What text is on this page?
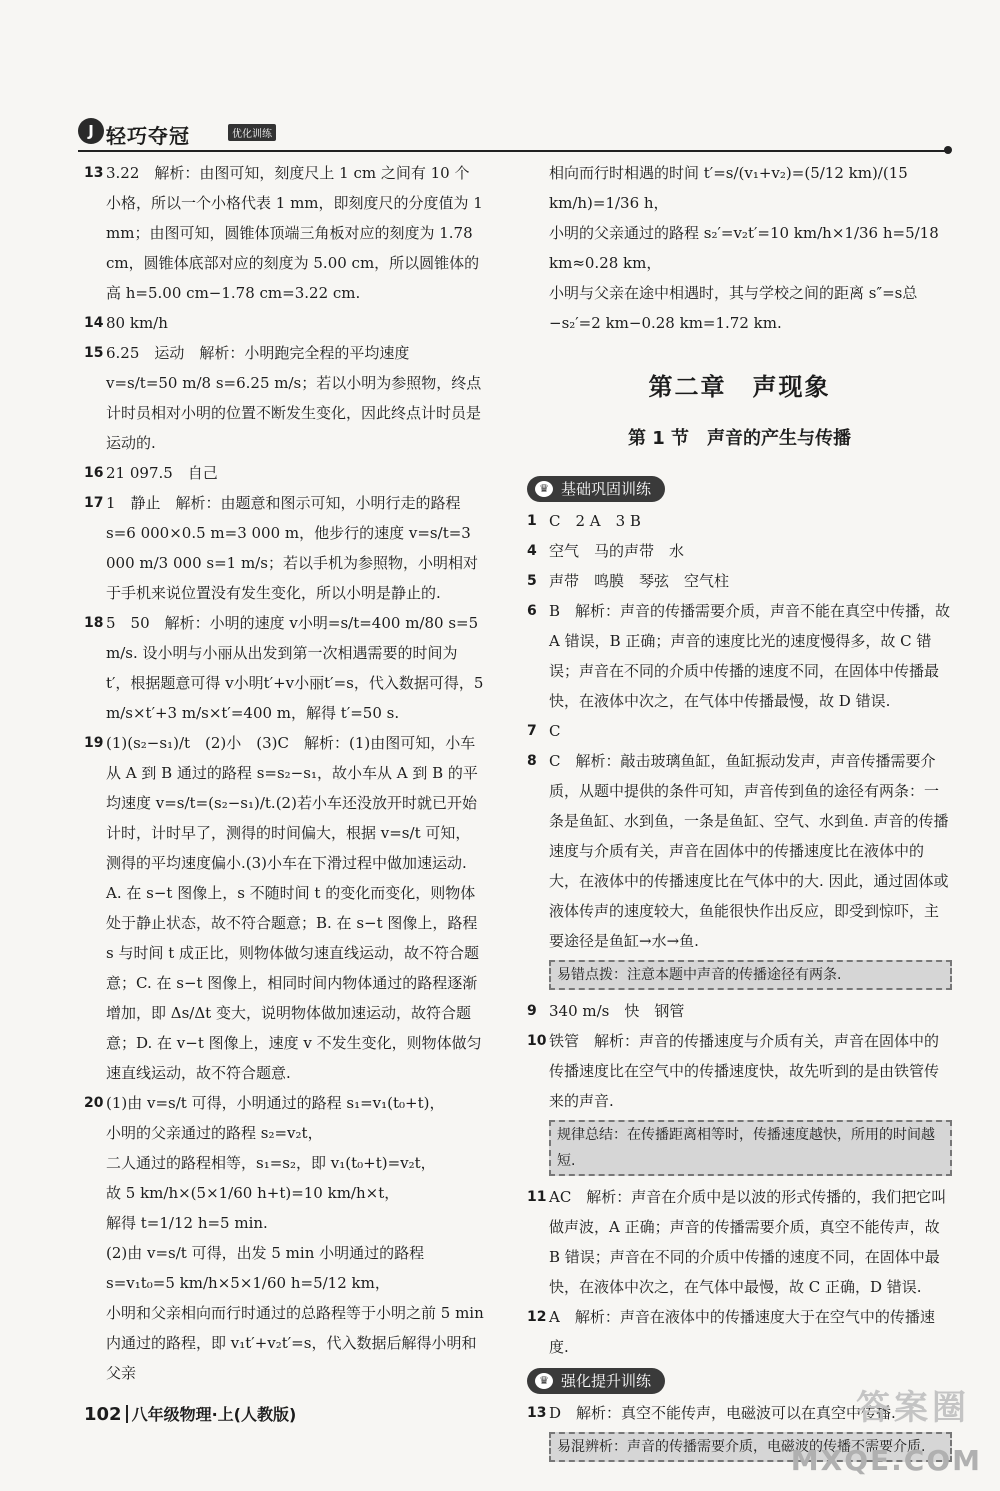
J 轻巧夺冠	优化训练
13 3.22　解析：由图可知，刻度尺上 1 cm 之间有 10 个小格，所以一个小格代表 1 mm，即刻度尺的分度值为 1 mm；由图可知，圆锥体顶端三角板对应的刻度为 1.78 cm，圆锥体底部对应的刻度为 5.00 cm，所以圆锥体的高 h=5.00 cm−1.78 cm=3.22 cm.
14 80 km/h
15 6.25　运动　解析：小明跑完全程的平均速度 v=s/t=50 m/8 s=6.25 m/s；若以小明为参照物，终点计时员相对小明的位置不断发生变化，因此终点计时员是运动的.
16 21 097.5　自己
17 1　静止　解析：由题意和图示可知，小明行走的路程 s=6 000×0.5 m=3 000 m，他步行的速度 v=s/t=3 000 m/3 000 s=1 m/s；若以手机为参照物，小明相对于手机来说位置没有发生变化，所以小明是静止的.
18 5　50　解析：小明的速度 v小明=s/t=400 m/80 s=5 m/s. 设小明与小丽从出发到第一次相遇需要的时间为 t′，根据题意可得 v小明t′+v小丽t′=s，代入数据可得，5 m/s×t′+3 m/s×t′=400 m，解得 t′=50 s.
19 (1)(s₂−s₁)/t　(2)小　(3)C　解析：(1)由图可知，小车从 A 到 B 通过的路程 s=s₂−s₁，故小车从 A 到 B 的平均速度 v=s/t=(s₂−s₁)/t.(2)若小车还没放开时就已开始计时，计时早了，测得的时间偏大，根据 v=s/t 可知，测得的平均速度偏小.(3)小车在下滑过程中做加速运动. A. 在 s−t 图像上，s 不随时间 t 的变化而变化，则物体处于静止状态，故不符合题意；B. 在 s−t 图像上，路程 s 与时间 t 成正比，则物体做匀速直线运动，故不符合题意；C. 在 s−t 图像上，相同时间内物体通过的路程逐渐增加，即 Δs/Δt 变大，说明物体做加速运动，故符合题意；D. 在 v−t 图像上，速度 v 不发生变化，则物体做匀速直线运动，故不符合题意.
20 (1)由 v=s/t 可得，小明通过的路程 s₁=v₁(t₀+t)，
小明的父亲通过的路程 s₂=v₂t，
二人通过的路程相等，s₁=s₂，即 v₁(t₀+t)=v₂t，
故 5 km/h×(5×1/60 h+t)=10 km/h×t，
解得 t=1/12 h=5 min.
(2)由 v=s/t 可得，出发 5 min 小明通过的路程 s=v₁t₀=5 km/h×5×1/60 h=5/12 km，
小明和父亲相向而行时通过的总路程等于小明之前 5 min 内通过的路程，即 v₁t′+v₂t′=s，代入数据后解得小明和父亲
相向而行时相遇的时间 t′=s/(v₁+v₂)=(5/12 km)/(15 km/h)=1/36 h，
小明的父亲通过的路程 s₂′=v₂t′=10 km/h×1/36 h=5/18 km≈0.28 km，
小明与父亲在途中相遇时，其与学校之间的距离 s″=s总−s₂′=2 km−0.28 km=1.72 km.
第二章　声现象
第 1 节　声音的产生与传播
♛ 基础巩固训练
1 C　2 A　3 B
4 空气　马的声带　水
5 声带　鸣膜　琴弦　空气柱
6 B　解析：声音的传播需要介质，声音不能在真空中传播，故 A 错误，B 正确；声音的速度比光的速度慢得多，故 C 错误；声音在不同的介质中传播的速度不同，在固体中传播最快，在液体中次之，在气体中传播最慢，故 D 错误.
7 C
8 C　解析：敲击玻璃鱼缸，鱼缸振动发声，声音传播需要介质，从题中提供的条件可知，声音传到鱼的途径有两条：一条是鱼缸、水到鱼，一条是鱼缸、空气、水到鱼. 声音的传播速度与介质有关，声音在固体中的传播速度比在液体中的大，在液体中的传播速度比在气体中的大. 因此，通过固体或液体传声的速度较大，鱼能很快作出反应，即受到惊吓，主要途径是鱼缸→水→鱼.
易错点拨：注意本题中声音的传播途径有两条.
9 340 m/s　快　钢管
10 铁管　解析：声音的传播速度与介质有关，声音在固体中的传播速度比在空气中的传播速度快，故先听到的是由铁管传来的声音.
规律总结：在传播距离相等时，传播速度越快，所用的时间越短.
11 AC　解析：声音在介质中是以波的形式传播的，我们把它叫做声波，A 正确；声音的传播需要介质，真空不能传声，故 B 错误；声音在不同的介质中传播的速度不同，在固体中最快，在液体中次之，在气体中最慢，故 C 正确，D 错误.
12 A　解析：声音在液体中的传播速度大于在空气中的传播速度.
♛ 强化提升训练
13 D　解析：真空不能传声，电磁波可以在真空中传播.
易混辨析：声音的传播需要介质，电磁波的传播不需要介质.
102 八年级物理·上(人教版)	答案圈
MXQE.COM
